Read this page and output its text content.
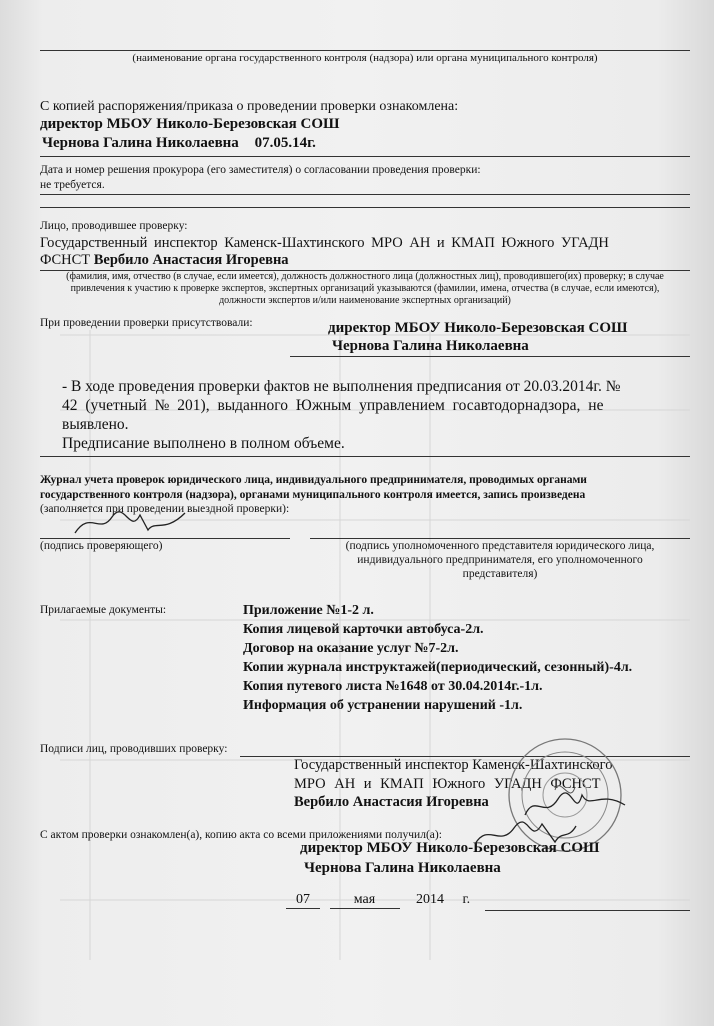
(наименование органа государственного контроля (надзора) или органа муниципального контроля)
С копией распоряжения/приказа о проведении проверки ознакомлена:
директор МБОУ Николо-Березовская СОШ
Чернова Галина Николаевна 07.05.14г.
Дата и номер решения прокурора (его заместителя) о согласовании проведения проверки:
не требуется.
Лицо, проводившее проверку:
Государственный инспектор Каменск-Шахтинского МРО АН и КМАП Южного УГАДН
ФСНСТ Вербило Анастасия Игоревна
(фамилия, имя, отчество (в случае, если имеется), должность должностного лица (должностных лиц), проводившего(их) проверку; в случае
привлечения к участию к проверке экспертов, экспертных организаций указываются (фамилии, имена, отчества (в случае, если имеются),
должности экспертов и/или наименование экспертных организаций)
При проведении проверки присутствовали:	директор МБОУ Николо-Березовская СОШ
Чернова Галина Николаевна
- В ходе проведения проверки фактов не выполнения предписания от 20.03.2014г. №
42 (учетный № 201), выданного Южным управлением госавтодорнадзора, не
выявлено.
Предписание выполнено в полном объеме.
Журнал учета проверок юридического лица, индивидуального предпринимателя, проводимых органами
государственного контроля (надзора), органами муниципального контроля имеется, запись произведена
(заполняется при проведении выездной проверки):
(подпись проверяющего)	(подпись уполномоченного представителя юридического лица,
индивидуального предпринимателя, его уполномоченного
представителя)
Прилагаемые документы:	Приложение №1-2 л.
Копия лицевой карточки автобуса-2л.
Договор на оказание услуг №7-2л.
Копии журнала инструктажей(периодический, сезонный)-4л.
Копия путевого листа №1648 от 30.04.2014г.-1л.
Информация об устранении нарушений -1л.
Подписи лиц, проводивших проверку:
Государственный инспектор Каменск-Шахтинского
МРО АН и КМАП Южного УГАДН ФСНСТ
Вербило Анастасия Игоревна
С актом проверки ознакомлен(а), копию акта со всеми приложениями получил(а):
директор МБОУ Николо-Березовская СОШ
Чернова Галина Николаевна
07	мая	2014 г.
